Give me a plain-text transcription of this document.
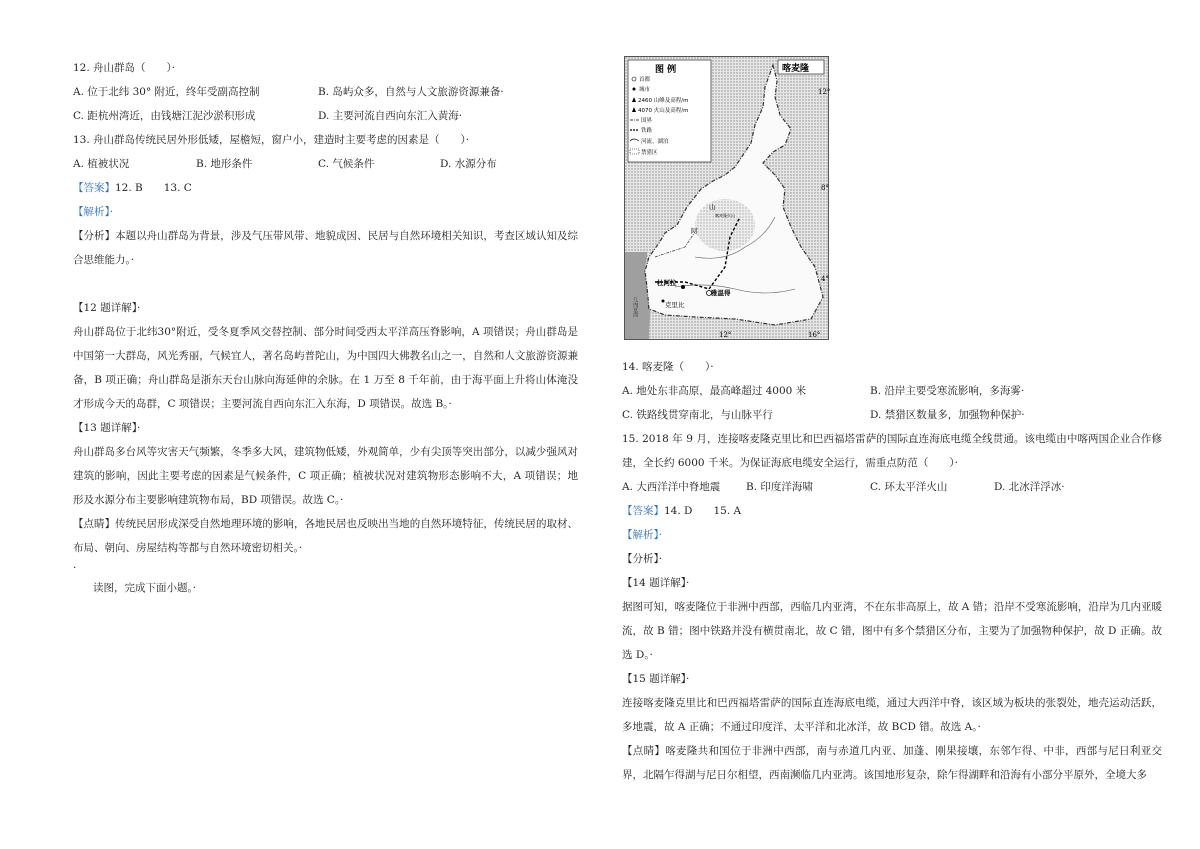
12. 舟山群岛（　　）·
A. 位于北纬 30° 附近，终年受副高控制	B. 岛屿众多，自然与人文旅游资源兼备·
C. 距杭州湾近，由钱塘江泥沙淤积形成	D. 主要河流自西向东汇入黄海·
13. 舟山群岛传统民居外形低矮，屋檐短，窗户小，建造时主要考虑的因素是（　　）·
A. 植被状况	B. 地形条件	C. 气候条件	D. 水源分布
【答案】12. B　　13. C
【解析】·
【分析】本题以舟山群岛为背景，涉及气压带风带、地貌成因、民居与自然环境相关知识，考查区域认知及综合思维能力。·
【12 题详解】·
舟山群岛位于北纬30°附近，受冬夏季风交替控制、部分时间受西太平洋高压脊影响，A 项错误；舟山群岛是中国第一大群岛，风光秀丽，气候宜人，著名岛屿普陀山，为中国四大佛教名山之一，自然和人文旅游资源兼备，B 项正确；舟山群岛是浙东天台山脉向海延伸的余脉。在 1 万至 8 千年前，由于海平面上升将山体淹没才形成今天的岛群，C 项错误；主要河流自西向东汇入东海，D 项错误。故选 B。·
【13 题详解】·
舟山群岛多台风等灾害天气频繁，冬季多大风，建筑物低矮，外观简单，少有尖顶等突出部分，以减少强风对建筑的影响，因此主要考虑的因素是气候条件，C 项正确；植被状况对建筑物形态影响不大，A 项错误；地形及水源分布主要影响建筑物布局，BD 项错误。故选 C。·
【点睛】传统民居形成深受自然地理环境的影响，各地民居也反映出当地的自然环境特征，传统民居的取材、布局、朝向、房屋结构等都与自然环境密切相关。·
·
读图，完成下面小题。·
图 例
首都
城市
2460 山峰及高程/m
4070 火山及高程/m
国界
铁路
河流、湖泊
禁猎区
喀麦隆
12°
8°
4°
12°	16°
杜阿拉
雅温得
克里比
几内亚湾
山
喀麦隆火山
阿
14. 喀麦隆（　　）·
A. 地处东非高原，最高峰超过 4000 米	B. 沿岸主要受寒流影响，多海雾·
C. 铁路线贯穿南北，与山脉平行	D. 禁猎区数量多，加强物种保护·
15. 2018 年 9 月，连接喀麦隆克里比和巴西福塔雷萨的国际直连海底电缆全线贯通。该电缆由中喀两国企业合作修建，全长约 6000 千米。为保证海底电缆安全运行，需重点防范（　　）·
A. 大西洋洋中脊地震	B. 印度洋海啸	C. 环太平洋火山	D. 北冰洋浮冰·
【答案】14. D　　15. A
【解析】·
【分析】·
【14 题详解】·
据图可知，喀麦隆位于非洲中西部，西临几内亚湾，不在东非高原上，故 A 错；沿岸不受寒流影响，沿岸为几内亚暖流，故 B 错；图中铁路并没有横贯南北，故 C 错，图中有多个禁猎区分布，主要为了加强物种保护，故 D 正确。故选 D。·
【15 题详解】·
连接喀麦隆克里比和巴西福塔雷萨的国际直连海底电缆，通过大西洋中脊，该区域为板块的张裂处，地壳运动活跃，多地震，故 A 正确；不通过印度洋、太平洋和北冰洋，故 BCD 错。故选 A。·
【点睛】喀麦隆共和国位于非洲中西部，南与赤道几内亚、加蓬、刚果接壤，东邻乍得、中非，西部与尼日利亚交界，北隔乍得湖与尼日尔相望，西南濒临几内亚湾。该国地形复杂，除乍得湖畔和沿海有小部分平原外，全境大多
